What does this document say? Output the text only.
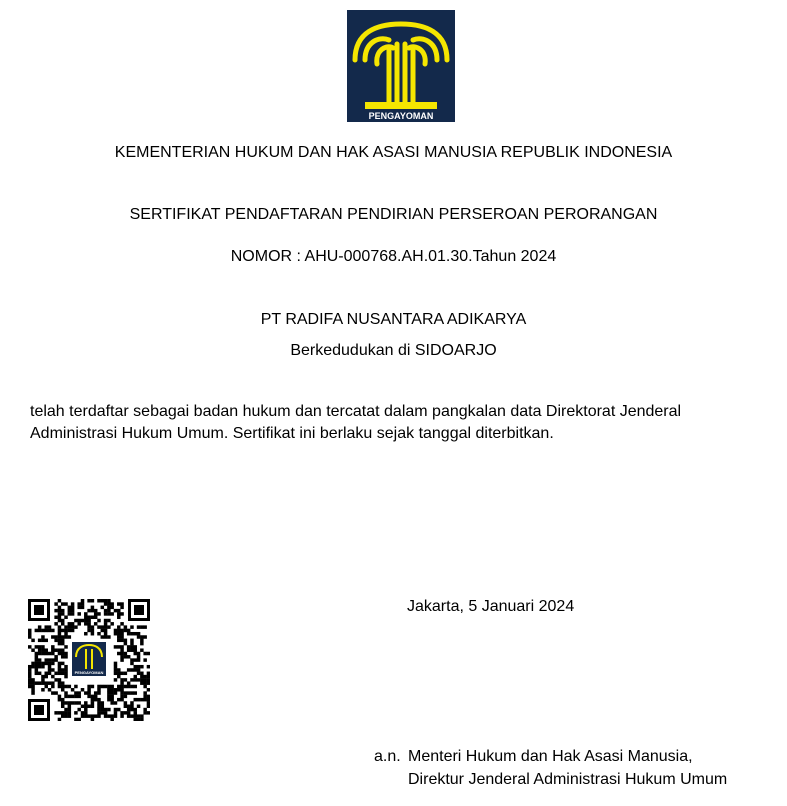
PENGAYOMAN
KEMENTERIAN HUKUM DAN HAK ASASI MANUSIA REPUBLIK INDONESIA
SERTIFIKAT PENDAFTARAN PENDIRIAN PERSEROAN PERORANGAN
NOMOR : AHU-000768.AH.01.30.Tahun 2024
PT RADIFA NUSANTARA ADIKARYA
Berkedudukan di SIDOARJO
telah terdaftar sebagai badan hukum dan tercatat dalam pangkalan data Direktorat Jenderal
Administrasi Hukum Umum. Sertifikat ini berlaku sejak tanggal diterbitkan.
PENGAYOMAN
Jakarta, 5 Januari 2024
a.n. Menteri Hukum dan Hak Asasi Manusia,
Direktur Jenderal Administrasi Hukum Umum
